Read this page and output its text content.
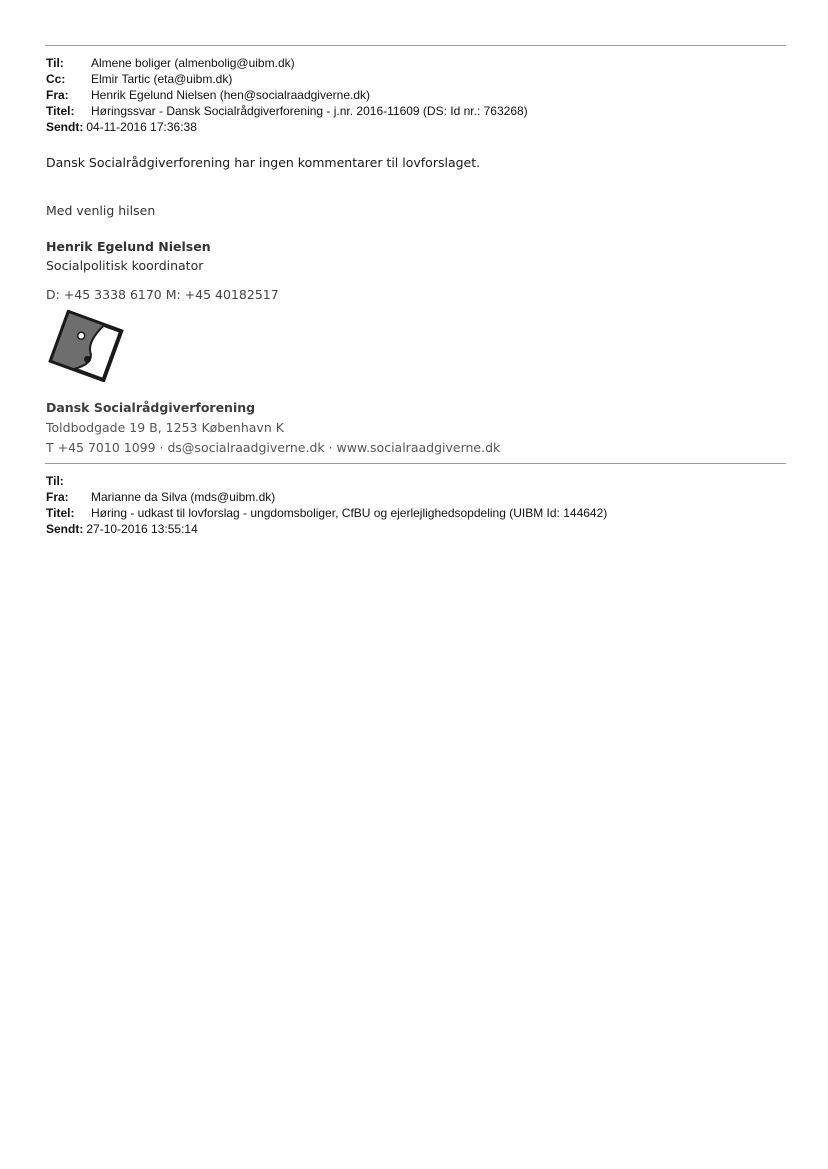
Til:	Almene boliger (almenbolig@uibm.dk)
Cc:	Elmir Tartic (eta@uibm.dk)
Fra:	Henrik Egelund Nielsen (hen@socialraadgiverne.dk)
Titel:	Høringssvar - Dansk Socialrådgiverforening - j.nr. 2016-11609 (DS: Id nr.: 763268)
Sendt: 04-11-2016 17:36:38
Dansk Socialrådgiverforening har ingen kommentarer til lovforslaget.
Med venlig hilsen
Henrik Egelund Nielsen
Socialpolitisk koordinator
D: +45 3338 6170 M: +45 40182517
Dansk Socialrådgiverforening
Toldbodgade 19 B, 1253 København K
T +45 7010 1099 · ds@socialraadgiverne.dk · www.socialraadgiverne.dk
Til:
Fra:	Marianne da Silva (mds@uibm.dk)
Titel:	Høring - udkast til lovforslag - ungdomsboliger, CfBU og ejerlejlighedsopdeling (UIBM Id: 144642)
Sendt: 27-10-2016 13:55:14
